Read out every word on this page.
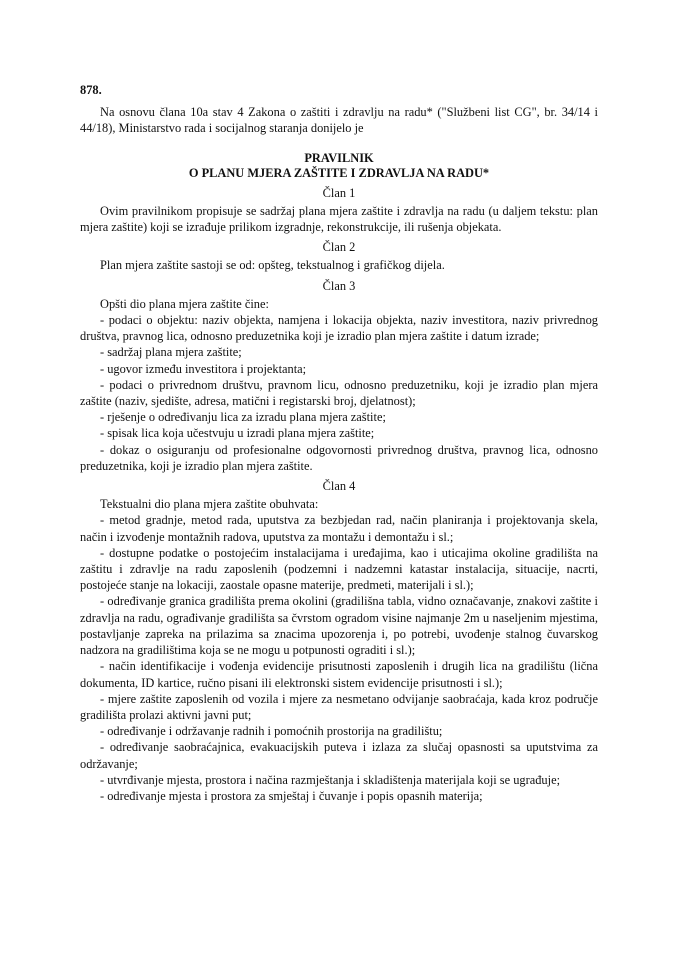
878.

Na osnovu člana 10a stav 4 Zakona o zaštiti i zdravlju na radu* ("Službeni list CG", br. 34/14 i 44/18), Ministarstvo rada i socijalnog staranja donijelo je

PRAVILNIK

O PLANU MJERA ZAŠTITE I ZDRAVLJA NA RADU*

Član 1

Ovim pravilnikom propisuje se sadržaj plana mjera zaštite i zdravlja na radu (u daljem tekstu: plan mjera zaštite) koji se izrađuje prilikom izgradnje, rekonstrukcije, ili rušenja objekata.

Član 2

Plan mjera zaštite sastoji se od: opšteg, tekstualnog i grafičkog dijela.

Član 3

Opšti dio plana mjera zaštite čine:

- podaci o objektu: naziv objekta, namjena i lokacija objekta, naziv investitora, naziv privrednog društva, pravnog lica, odnosno preduzetnika koji je izradio plan mjera zaštite i datum izrade;

- sadržaj plana mjera zaštite;

- ugovor između investitora i projektanta;

- podaci o privrednom društvu, pravnom licu, odnosno preduzetniku, koji je izradio plan mjera zaštite (naziv, sjedište, adresa, matični i registarski broj, djelatnost);

- rješenje o određivanju lica za izradu plana mjera zaštite;

- spisak lica koja učestvuju u izradi plana mjera zaštite;

- dokaz o osiguranju od profesionalne odgovornosti privrednog društva, pravnog lica, odnosno preduzetnika, koji je izradio plan mjera zaštite.

Član 4

Tekstualni dio plana mjera zaštite obuhvata:

- metod gradnje, metod rada, uputstva za bezbjedan rad, način planiranja i projektovanja skela, način i izvođenje montažnih radova, uputstva za montažu i demontažu i sl.;

- dostupne podatke o postojećim instalacijama i uređajima, kao i uticajima okoline gradilišta na zaštitu i zdravlje na radu zaposlenih (podzemni i nadzemni katastar instalacija, situacije, nacrti, postojeće stanje na lokaciji, zaostale opasne materije, predmeti, materijali i sl.);

- određivanje granica gradilišta prema okolini (gradilišna tabla, vidno označavanje, znakovi zaštite i zdravlja na radu, ograđivanje gradilišta sa čvrstom ogradom visine najmanje 2m u naseljenim mjestima, postavljanje zapreka na prilazima sa znacima upozorenja i, po potrebi, uvođenje stalnog čuvarskog nadzora na gradilištima koja se ne mogu u potpunosti ograditi i sl.);

- način identifikacije i vođenja evidencije prisutnosti zaposlenih i drugih lica na gradilištu (lična dokumenta, ID kartice, ručno pisani ili elektronski sistem evidencije prisutnosti i sl.);

- mjere zaštite zaposlenih od vozila i mjere za nesmetano odvijanje saobraćaja, kada kroz područje gradilišta prolazi aktivni javni put;

- određivanje i održavanje radnih i pomoćnih prostorija na gradilištu;

- određivanje saobraćajnica, evakuacijskih puteva i izlaza za slučaj opasnosti sa uputstvima za održavanje;

- utvrđivanje mjesta, prostora i načina razmještanja i skladištenja materijala koji se ugrađuje;

- određivanje mjesta i prostora za smještaj i čuvanje i popis opasnih materija;
